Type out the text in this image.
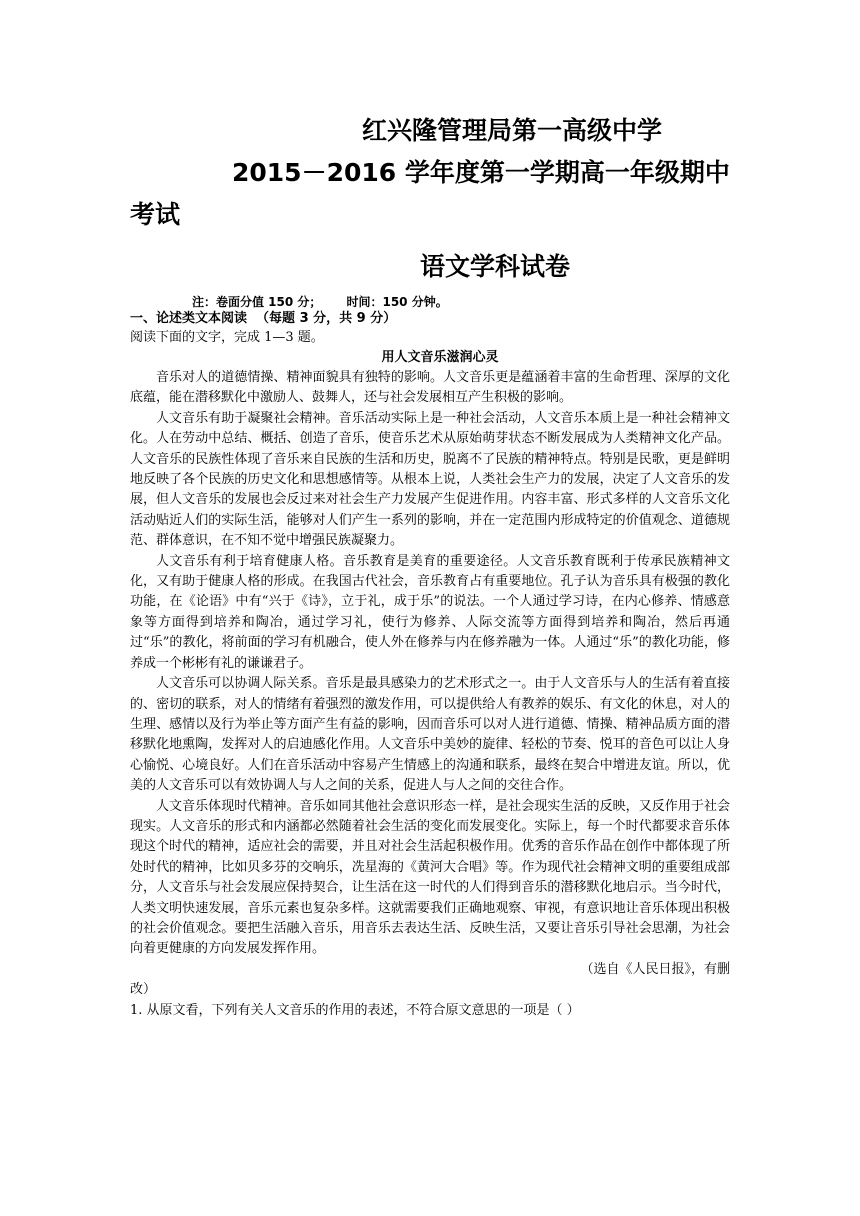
红兴隆管理局第一高级中学
2015－2016 学年度第一学期高一年级期中
考试
语文学科试卷
注：卷面分值 150 分；      时间：150 分钟。
一、论述类文本阅读  （每题 3 分，共 9 分）
阅读下面的文字，完成 1—3 题。
用人文音乐滋润心灵

音乐对人的道德情操、精神面貌具有独特的影响。人文音乐更是蕴涵着丰富的生命哲理、深厚的文化底蕴，能在潜移默化中激励人、鼓舞人，还与社会发展相互产生积极的影响。

人文音乐有助于凝聚社会精神。音乐活动实际上是一种社会活动，人文音乐本质上是一种社会精神文化。人在劳动中总结、概括、创造了音乐，使音乐艺术从原始萌芽状态不断发展成为人类精神文化产品。人文音乐的民族性体现了音乐来自民族的生活和历史，脱离不了民族的精神特点。特别是民歌，更是鲜明地反映了各个民族的历史文化和思想感情等。从根本上说，人类社会生产力的发展，决定了人文音乐的发展，但人文音乐的发展也会反过来对社会生产力发展产生促进作用。内容丰富、形式多样的人文音乐文化活动贴近人们的实际生活，能够对人们产生一系列的影响，并在一定范围内形成特定的价值观念、道德规范、群体意识，在不知不觉中增强民族凝聚力。

人文音乐有利于培育健康人格。音乐教育是美育的重要途径。人文音乐教育既利于传承民族精神文化，又有助于健康人格的形成。在我国古代社会，音乐教育占有重要地位。孔子认为音乐具有极强的教化功能，在《论语》中有“兴于《诗》，立于礼，成于乐”的说法。一个人通过学习诗，在内心修养、情感意象等方面得到培养和陶冶，通过学习礼，使行为修养、人际交流等方面得到培养和陶冶，然后再通过“乐”的教化，将前面的学习有机融合，使人外在修养与内在修养融为一体。人通过“乐”的教化功能，修养成一个彬彬有礼的谦谦君子。

人文音乐可以协调人际关系。音乐是最具感染力的艺术形式之一。由于人文音乐与人的生活有着直接的、密切的联系，对人的情绪有着强烈的激发作用，可以提供给人有教养的娱乐、有文化的休息，对人的生理、感情以及行为举止等方面产生有益的影响，因而音乐可以对人进行道德、情操、精神品质方面的潜移默化地熏陶，发挥对人的启迪感化作用。人文音乐中美妙的旋律、轻松的节奏、悦耳的音色可以让人身心愉悦、心境良好。人们在音乐活动中容易产生情感上的沟通和联系，最终在契合中增进友谊。所以，优美的人文音乐可以有效协调人与人之间的关系，促进人与人之间的交往合作。

人文音乐体现时代精神。音乐如同其他社会意识形态一样，是社会现实生活的反映，又反作用于社会现实。人文音乐的形式和内涵都必然随着社会生活的变化而发展变化。实际上，每一个时代都要求音乐体现这个时代的精神，适应社会的需要，并且对社会生活起积极作用。优秀的音乐作品在创作中都体现了所处时代的精神，比如贝多芬的交响乐，冼星海的《黄河大合唱》等。作为现代社会精神文明的重要组成部分，人文音乐与社会发展应保持契合，让生活在这一时代的人们得到音乐的潜移默化地启示。当今时代，人类文明快速发展，音乐元素也复杂多样。这就需要我们正确地观察、审视，有意识地让音乐体现出积极的社会价值观念。要把生活融入音乐，用音乐去表达生活、反映生活，又要让音乐引导社会思潮，为社会向着更健康的方向发展发挥作用。

（选自《人民日报》，有删

改）

1. 从原文看，下列有关人文音乐的作用的表述，不符合原文意思的一项是（ ）
